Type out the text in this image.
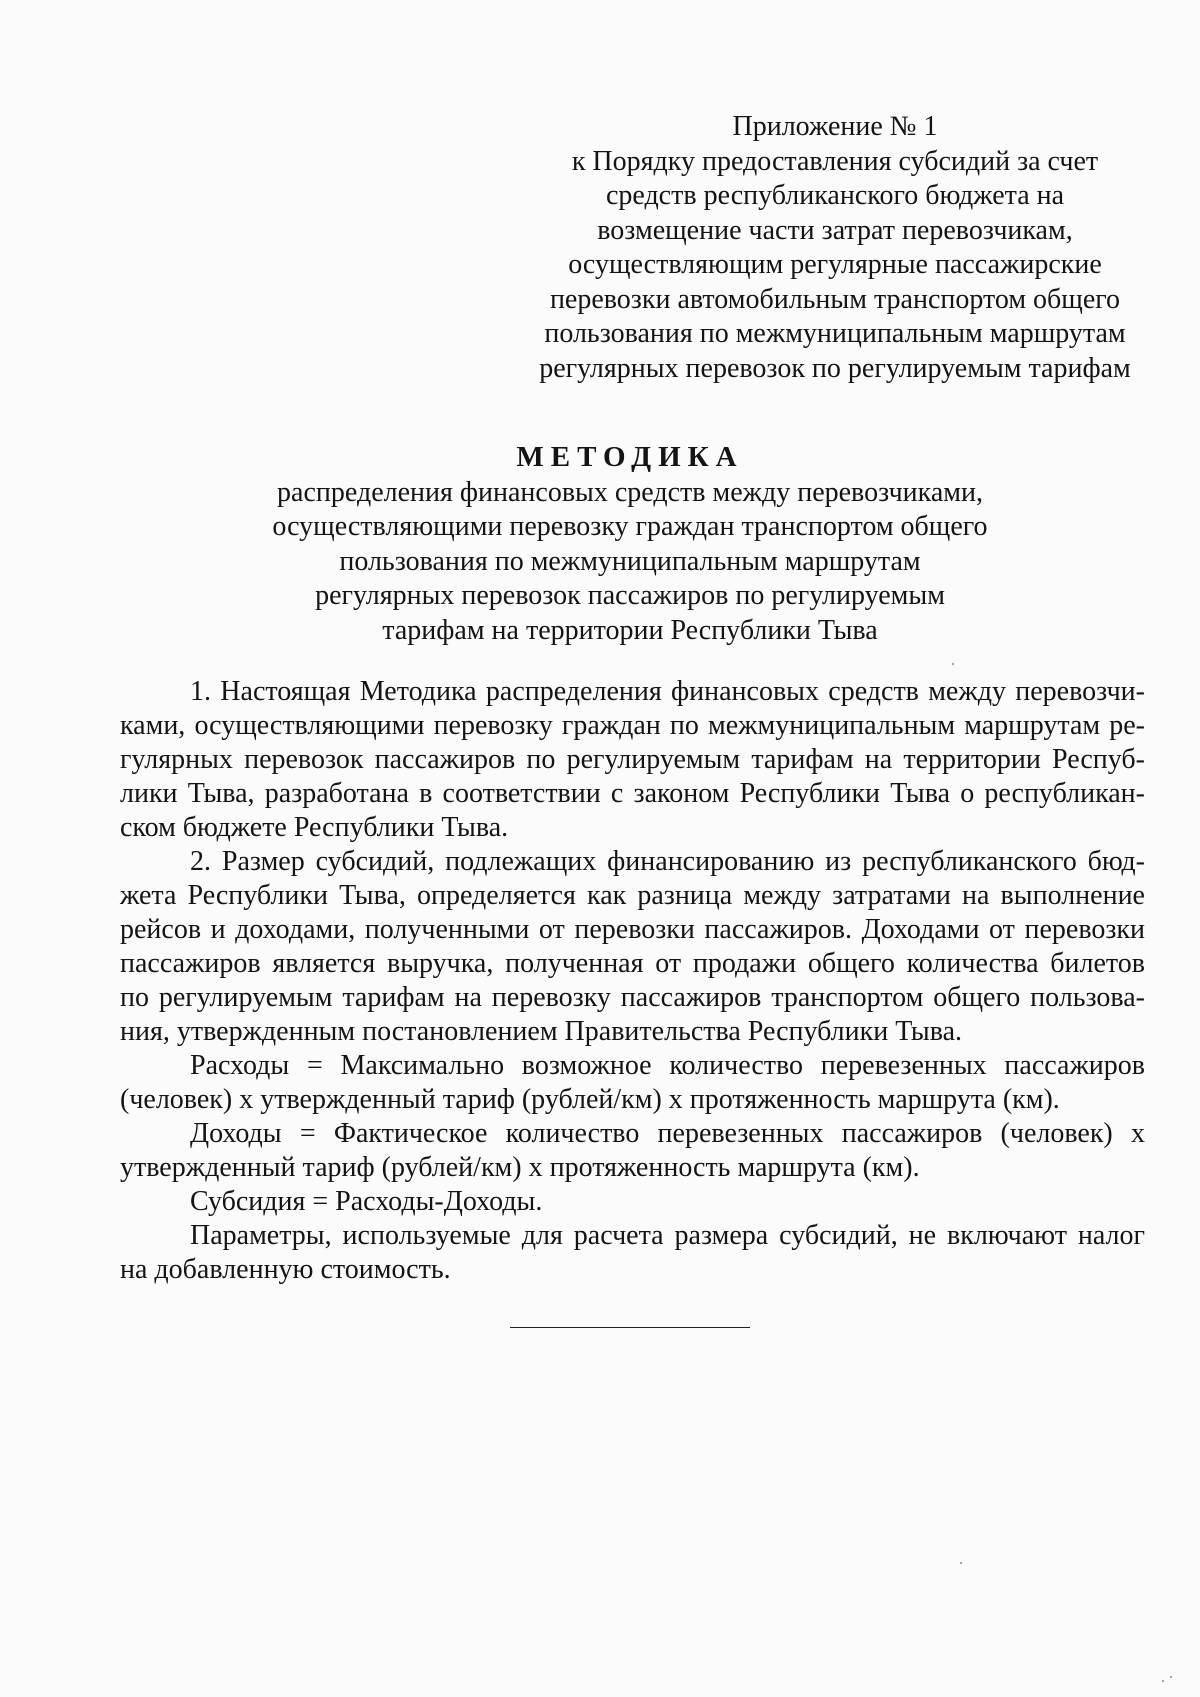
Приложение № 1
к Порядку предоставления субсидий за счет
средств республиканского бюджета на
возмещение части затрат перевозчикам,
осуществляющим регулярные пассажирские
перевозки автомобильным транспортом общего
пользования по межмуниципальным маршрутам
регулярных перевозок по регулируемым тарифам
МЕТОДИКА
распределения финансовых средств между перевозчиками,
осуществляющими перевозку граждан транспортом общего
пользования по межмуниципальным маршрутам
регулярных перевозок пассажиров по регулируемым
тарифам на территории Республики Тыва
1. Настоящая Методика распределения финансовых средств между перевозчи-
ками, осуществляющими перевозку граждан по межмуниципальным маршрутам ре-
гулярных перевозок пассажиров по регулируемым тарифам на территории Респуб-
лики Тыва, разработана в соответствии с законом Республики Тыва о республикан-
ском бюджете Республики Тыва.
2. Размер субсидий, подлежащих финансированию из республиканского бюд-
жета Республики Тыва, определяется как разница между затратами на выполнение
рейсов и доходами, полученными от перевозки пассажиров. Доходами от перевозки
пассажиров является выручка, полученная от продажи общего количества билетов
по регулируемым тарифам на перевозку пассажиров транспортом общего пользова-
ния, утвержденным постановлением Правительства Республики Тыва.
Расходы = Максимально возможное количество перевезенных пассажиров
(человек) х утвержденный тариф (рублей/км) х протяженность маршрута (км).
Доходы = Фактическое количество перевезенных пассажиров (человек) х
утвержденный тариф (рублей/км) х протяженность маршрута (км).
Субсидия = Расходы-Доходы.
Параметры, используемые для расчета размера субсидий, не включают налог
на добавленную стоимость.
